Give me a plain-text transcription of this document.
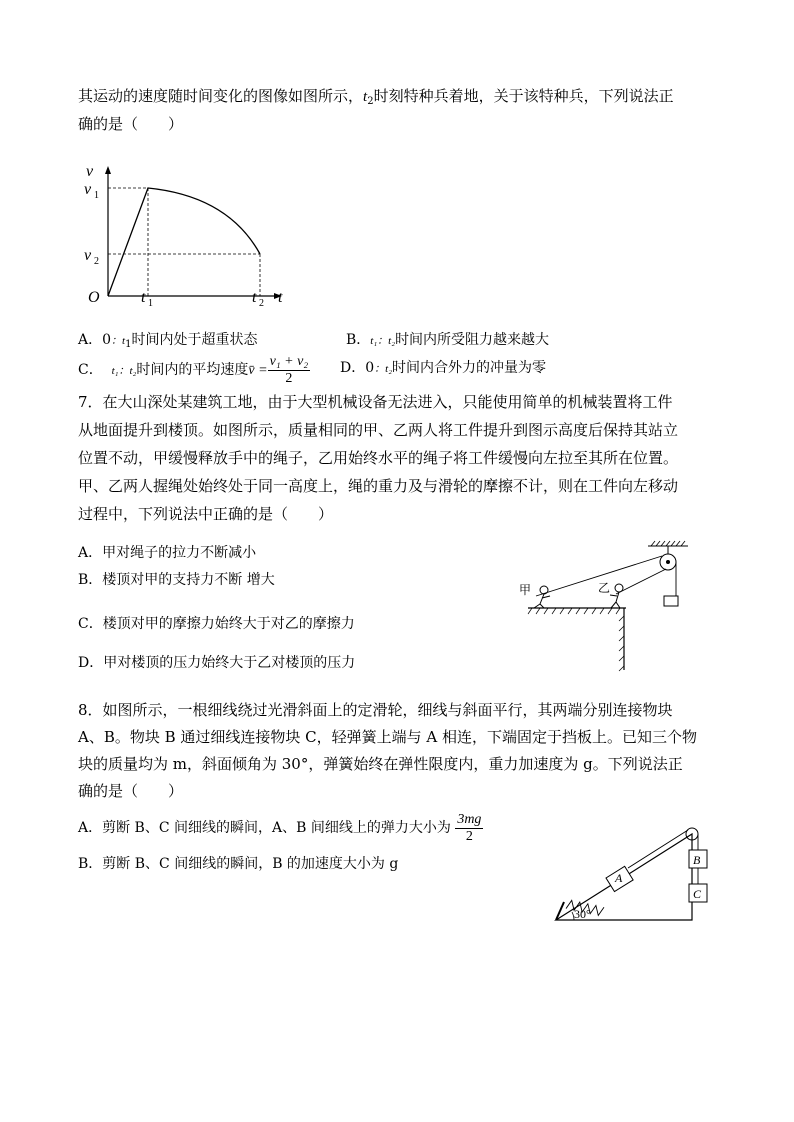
其运动的速度随时间变化的图像如图所示，$t_2$时刻特种兵着地，关于该特种兵，下列说法正
确的是（　　）
v
v 1
v 2
O	t 1	t 2 t
A．0：$t_1$时间内处于超重状态	B．t₁：t₂时间内所受阻力越来越大
C． t₁：t₂时间内的平均速度v̄ = $\frac{\text{v₁ + v₂}}{2}$ D．0：t₂时间内合外力的冲量为零
7．在大山深处某建筑工地，由于大型机械设备无法进入，只能使用简单的机械装置将工件
从地面提升到楼顶。如图所示，质量相同的甲、乙两人将工件提升到图示高度后保持其站立
位置不动，甲缓慢释放手中的绳子，乙用始终水平的绳子将工件缓慢向左拉至其所在位置。
甲、乙两人握绳处始终处于同一高度上，绳的重力及与滑轮的摩擦不计，则在工件向左移动
过程中，下列说法中正确的是（　　）
A．甲对绳子的拉力不断减小
B．楼顶对甲的支持力不断 增大
C．楼顶对甲的摩擦力始终大于对乙的摩擦力
D．甲对楼顶的压力始终大于乙对楼顶的压力
甲	乙
8．如图所示，一根细线绕过光滑斜面上的定滑轮，细线与斜面平行，其两端分别连接物块
A、B。物块 B 通过细线连接物块 C，轻弹簧上端与 A 相连，下端固定于挡板上。已知三个物
块的质量均为 m，斜面倾角为 30°，弹簧始终在弹性限度内，重力加速度为 g。下列说法正
确的是（　　）
A．剪断 B、C 间细线的瞬间，A、B 间细线上的弹力大小为 $\frac{3mg}{2}$
B．剪断 B、C 间细线的瞬间，B 的加速度大小为 g
A
B
C
30°
